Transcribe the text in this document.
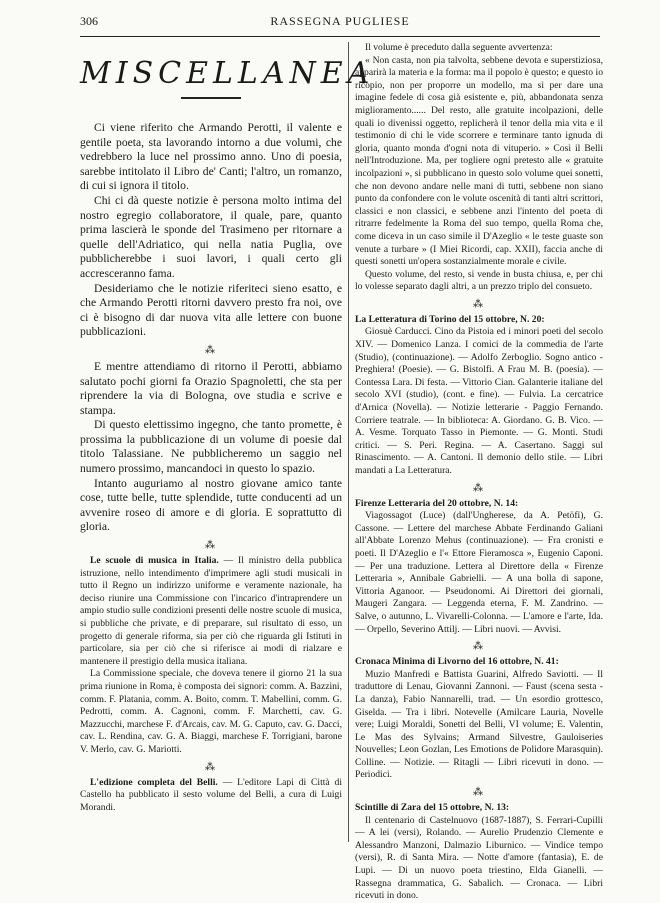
306	RASSEGNA PUGLIESE
MISCELLANEA

Ci viene riferito che Armando Perotti, il valente e gentile poeta, sta lavorando intorno a due volumi, che vedrebbero la luce nel prossimo anno. Uno di poesia, sarebbe intitolato il Libro de' Canti; l'altro, un romanzo, di cui si ignora il titolo.

Chi ci dà queste notizie è persona molto intima del nostro egregio collaboratore, il quale, pare, quanto prima lascierà le sponde del Trasimeno per ritornare a quelle dell'Adriatico, qui nella natia Puglia, ove pubblicherebbe i suoi lavori, i quali certo gli accresceranno fama.

Desideriamo che le notizie riferiteci sieno esatto, e che Armando Perotti ritorni davvero presto fra noi, ove ci è bisogno di dar nuova vita alle lettere con buone pubblicazioni.

⁂

E mentre attendiamo di ritorno il Perotti, abbiamo salutato pochi giorni fa Orazio Spagnoletti, che sta per riprendere la via di Bologna, ove studia e scrive e stampa.

Di questo elettissimo ingegno, che tanto promette, è prossima la pubblicazione di un volume di poesie dal titolo Talassiane. Ne pubblicheremo un saggio nel numero prossimo, mancandoci in questo lo spazio.

Intanto auguriamo al nostro giovane amico tante cose, tutte belle, tutte splendide, tutte conducenti ad un avvenire roseo di amore e di gloria. E soprattutto di gloria.

⁂

Le scuole di musica in Italia. — Il ministro della pubblica istruzione, nello intendimento d'imprimere agli studi musicali in tutto il Regno un indirizzo uniforme e veramente nazionale, ha deciso riunire una Commissione con l'incarico d'intraprendere un ampio studio sulle condizioni presenti delle nostre scuole di musica, si pubbliche che private, e di preparare, sul risultato di esso, un progetto di generale riforma, sia per ciò che riguarda gli Istituti in particolare, sia per ciò che si riferisce ai modi di rialzare e mantenere il prestigio della musica italiana.

La Commissione speciale, che doveva tenere il giorno 21 la sua prima riunione in Roma, è composta dei signori: comm. A. Bazzini, comm. F. Platania, comm. A. Boito, comm. T. Mabellini, comm. G. Pedrotti, comm. A. Cagnoni, comm. F. Marchetti, cav. G. Mazzucchi, marchese F. d'Arcais, cav. M. G. Caputo, cav. G. Dacci, cav. L. Rendina, cav. G. A. Biaggi, marchese F. Torrigiani, barone V. Merlo, cav. G. Mariotti.

⁂

L'edizione completa del Belli. — L'editore Lapi di Città di Castello ha pubblicato il sesto volume del Belli, a cura di Luigi Morandi.

Il volume è preceduto dalla seguente avvertenza:

« Non casta, non pia talvolta, sebbene devota e superstiziosa, apparirà la materia e la forma: ma il popolo è questo; e questo io ricopio, non per proporre un modello, ma sì per dare una imagine fedele di cosa già esistente e, più, abbandonata senza miglioramento...... Del resto, alle gratuite incolpazioni, delle quali io divenissi oggetto, replicherà il tenor della mia vita e il testimonio di chi le vide scorrere e terminare tanto ignuda di gloria, quanto monda d'ogni nota di vituperio. » Così il Belli nell'Introduzione. Ma, per togliere ogni pretesto alle « gratuite incolpazioni », si pubblicano in questo solo volume quei sonetti, che non devono andare nelle mani di tutti, sebbene non siano punto da confondere con le volute oscenità di tanti altri scrittori, classici e non classici, e sebbene anzi l'intento del poeta di ritrarre fedelmente la Roma del suo tempo, quella Roma che, come diceva in un caso simile il D'Azeglio « le teste guaste son venute a turbare » (I Miei Ricordi, cap. XXII), faccia anche di questi sonetti un'opera sostanzialmente morale e civile.

Questo volume, del resto, si vende in busta chiusa, e, per chi lo volesse separato dagli altri, a un prezzo triplo del consueto.

⁂

La Letteratura di Torino del 15 ottobre, N. 20:

Giosuè Carducci. Cino da Pistoia ed i minori poeti del secolo XIV. — Domenico Lanza. I comici de la commedia de l'arte (Studio), (continuazione). — Adolfo Zerboglio. Sogno antico - Preghiera! (Poesie). — G. Bistolfi. A Frau M. B. (poesia). — Contessa Lara. Di festa. — Vittorio Cian. Galanterie italiane del secolo XVI (studio), (cont. e fine). — Fulvia. La cercatrice d'Arnica (Novella). — Notizie letterarie - Paggio Fernando. Corriere teatrale. — In biblioteca: A. Giordano. G. B. Vico. — A. Vesme. Torquato Tasso in Piemonte. — G. Monti. Studi critici. — S. Peri. Regina. — A. Casertano. Saggi sul Rinascimento. — A. Cantoni. Il demonio dello stile. — Libri mandati a La Letteratura.

⁂

Firenze Letteraria del 20 ottobre, N. 14:

Viagossagot (Luce) (dall'Ungherese, da A. Petöfi), G. Cassone. — Lettere del marchese Abbate Ferdinando Galiani all'Abbate Lorenzo Mehus (continuazione). — Fra cronisti e poeti. Il D'Azeglio e l'« Ettore Fieramosca », Eugenio Caponi. — Per una traduzione. Lettera al Direttore della « Firenze Letteraria », Annibale Gabrielli. — A una bolla di sapone, Vittoria Aganoor. — Pseudonomi. Ai Direttori dei giornali, Maugeri Zangara. — Leggenda eterna, F. M. Zandrino. — Salve, o autunno, L. Vivarelli-Colonna. — L'amore e l'arte, Ida. — Orpello, Severino Attilj. — Libri nuovi. — Avvisi.

⁂

Cronaca Minima di Livorno del 16 ottobre, N. 41:

Muzio Manfredi e Battista Guarini, Alfredo Saviotti. — Il traduttore di Lenau, Giovanni Zannoni. — Faust (scena sesta - La danza), Fabio Nannarelli, trad. — Un esordio grottesco, Giselda. — Tra i libri. Notevelle (Amilcare Lauria, Novelle vere; Luigi Moraldi, Sonetti del Belli, VI volume; E. Valentin, Le Mas des Sylvains; Armand Silvestre, Gauloiseries Nouvelles; Leon Gozlan, Les Emotions de Polidore Marasquin). Colline. — Notizie. — Ritagli — Libri ricevuti in dono. — Periodici.

⁂

Scintille di Zara del 15 ottobre, N. 13:

Il centenario di Castelnuovo (1687-1887), S. Ferrari-Cupilli — A lei (versi), Rolando. — Aurelio Prudenzio Clemente e Alessandro Manzoni, Dalmazio Liburnico. — Vindice tempo (versi), R. di Santa Mira. — Notte d'amore (fantasia), E. de Lupi. — Di un nuovo poeta triestino, Elda Gianelli. — Rassegna drammatica, G. Sabalich. — Cronaca. — Libri ricevuti in dono.
